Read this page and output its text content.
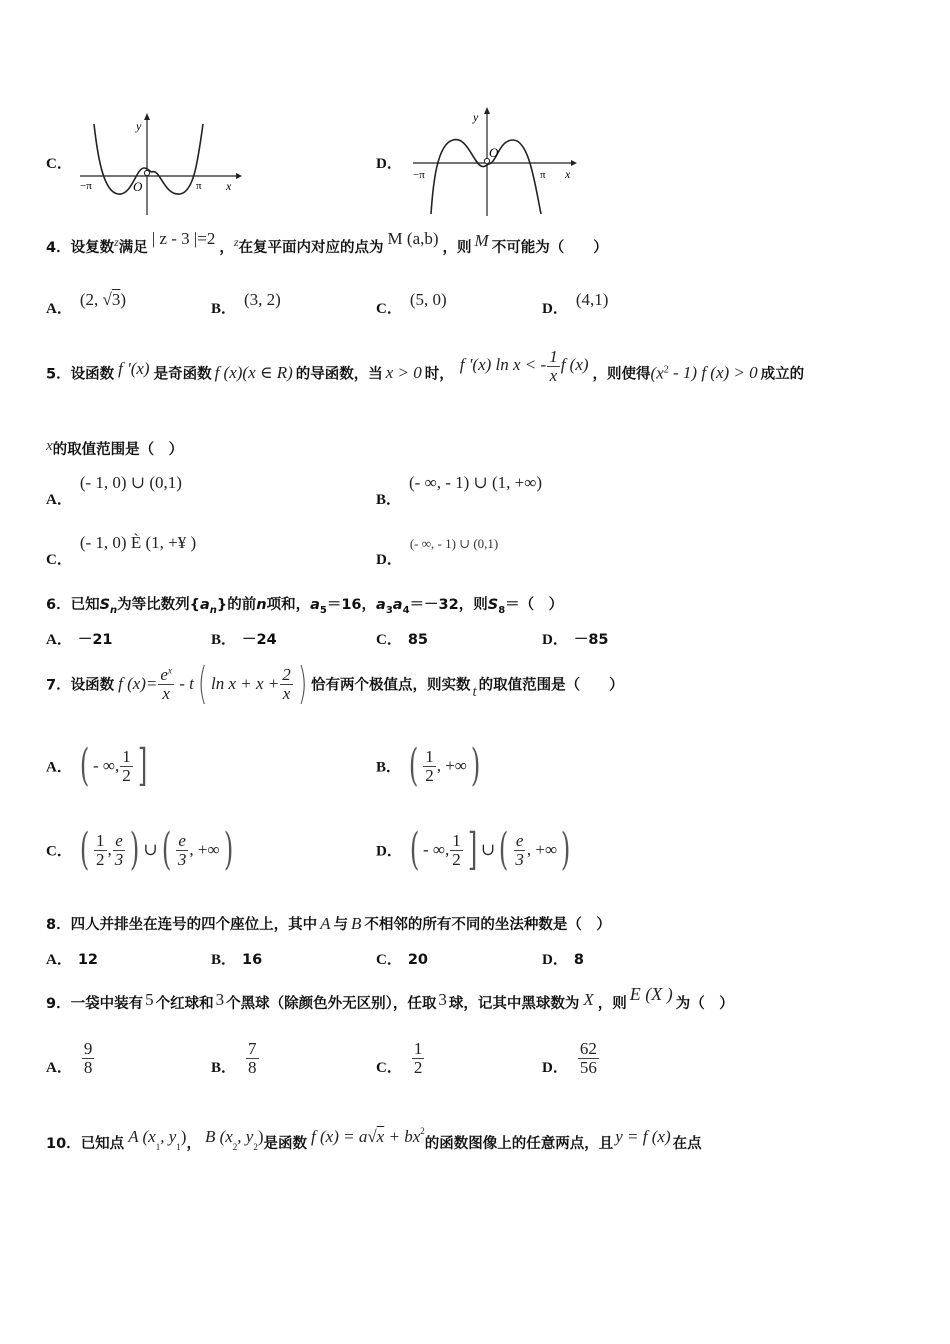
C．
y
x
O
−π	π
D．
y
x
O
−π	π
4．设复数$^z$满足 | z - 3 |=2 ，$^z$在复平面内对应的点为 M (a,b) ，则 M 不可能为（　　）
A． (2, √3)	B． (3, 2)	C． (5, 0)	D． (4,1)
5．设函数 f '(x) 是奇函数 f (x)(x ∈ R) 的导函数，当 x > 0 时， f '(x) ln x < - $\frac{1}{x}$ f (x) ，则使得$(x^2 - 1)$ f (x) > 0 成立的
x的取值范围是（　）
A．(- 1, 0) ∪ (0,1)
B．(- ∞, - 1) ∪ (1, +∞)
C．(- 1, 0) È (1, +¥ )
D．(- ∞, - 1) ∪ (0,1)
6．已知$S_n$为等比数列$\{a_n\}$的前n项和，$a_5=16$，$a_3a_4=-32$，则$S_8=$（　）
A． －21	B． －24	C． 85	D． －85
7．设函数 f $(x)= \frac{e^x}{x} - t$( $\ln x + x + \frac{2}{x}$ ) 恰有两个极值点，则实数 t 的取值范围是（　　）
A． ( - ∞, $\frac{1}{2}$ ]	B． ( $\frac{1}{2}$ , +∞)
C． ( $\frac{1}{2}$ , $\frac{e}{3}$ ) ∪( $\frac{e}{3}$ , +∞)	D． ( - ∞, $\frac{1}{2}$ ] ∪( $\frac{e}{3}$ , +∞)
8．四人并排坐在连号的四个座位上，其中 A 与 B 不相邻的所有不同的坐法种数是（　）
A． 12	B． 16	C． 20	D． 8
9．一袋中装有 5 个红球和 3 个黑球（除颜色外无区别），任取 3 球，记其中黑球数为 X ，则 E (X ) 为（　）
A． $\frac{9}{8}$	B． $\frac{7}{8}$	C． $\frac{1}{2}$	D． $\frac{62}{56}$
10．已知点 A ($x_1$, $y_1$)， B ($x_2$, $y_2$)是函数 f $(x) = a√x + bx^2$的函数图像上的任意两点，且 y = f (x) 在点
